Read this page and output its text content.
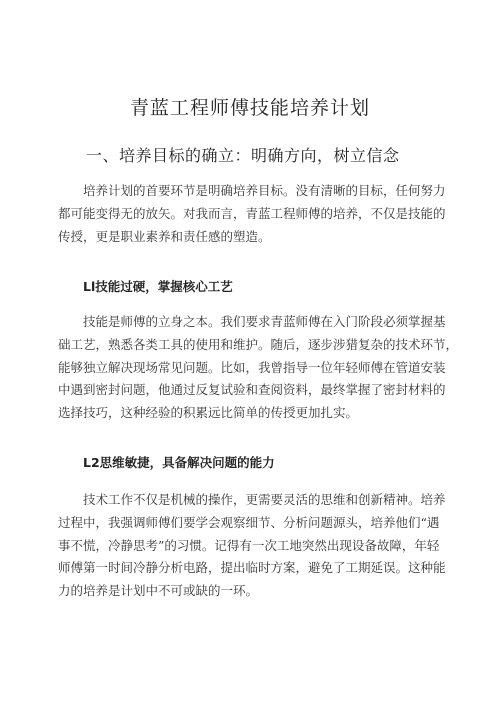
青蓝工程师傅技能培养计划
一、培养目标的确立：明确方向，树立信念
　　培养计划的首要环节是明确培养目标。没有清晰的目标，任何努力
都可能变得无的放矢。对我而言，青蓝工程师傅的培养，不仅是技能的
传授，更是职业素养和责任感的塑造。
Ll技能过硬，掌握核心工艺
　　技能是师傅的立身之本。我们要求青蓝师傅在入门阶段必须掌握基
础工艺，熟悉各类工具的使用和维护。随后，逐步涉猎复杂的技术环节，
能够独立解决现场常见问题。比如，我曾指导一位年轻师傅在管道安装
中遇到密封问题，他通过反复试验和查阅资料，最终掌握了密封材料的
选择技巧，这种经验的积累远比简单的传授更加扎实。
L2思维敏捷，具备解决问题的能力
　　技术工作不仅是机械的操作，更需要灵活的思维和创新精神。培养
过程中，我强调师傅们要学会观察细节、分析问题源头，培养他们“遇
事不慌，冷静思考”的习惯。记得有一次工地突然出现设备故障，年轻
师傅第一时间冷静分析电路，提出临时方案，避免了工期延误。这种能
力的培养是计划中不可或缺的一环。
